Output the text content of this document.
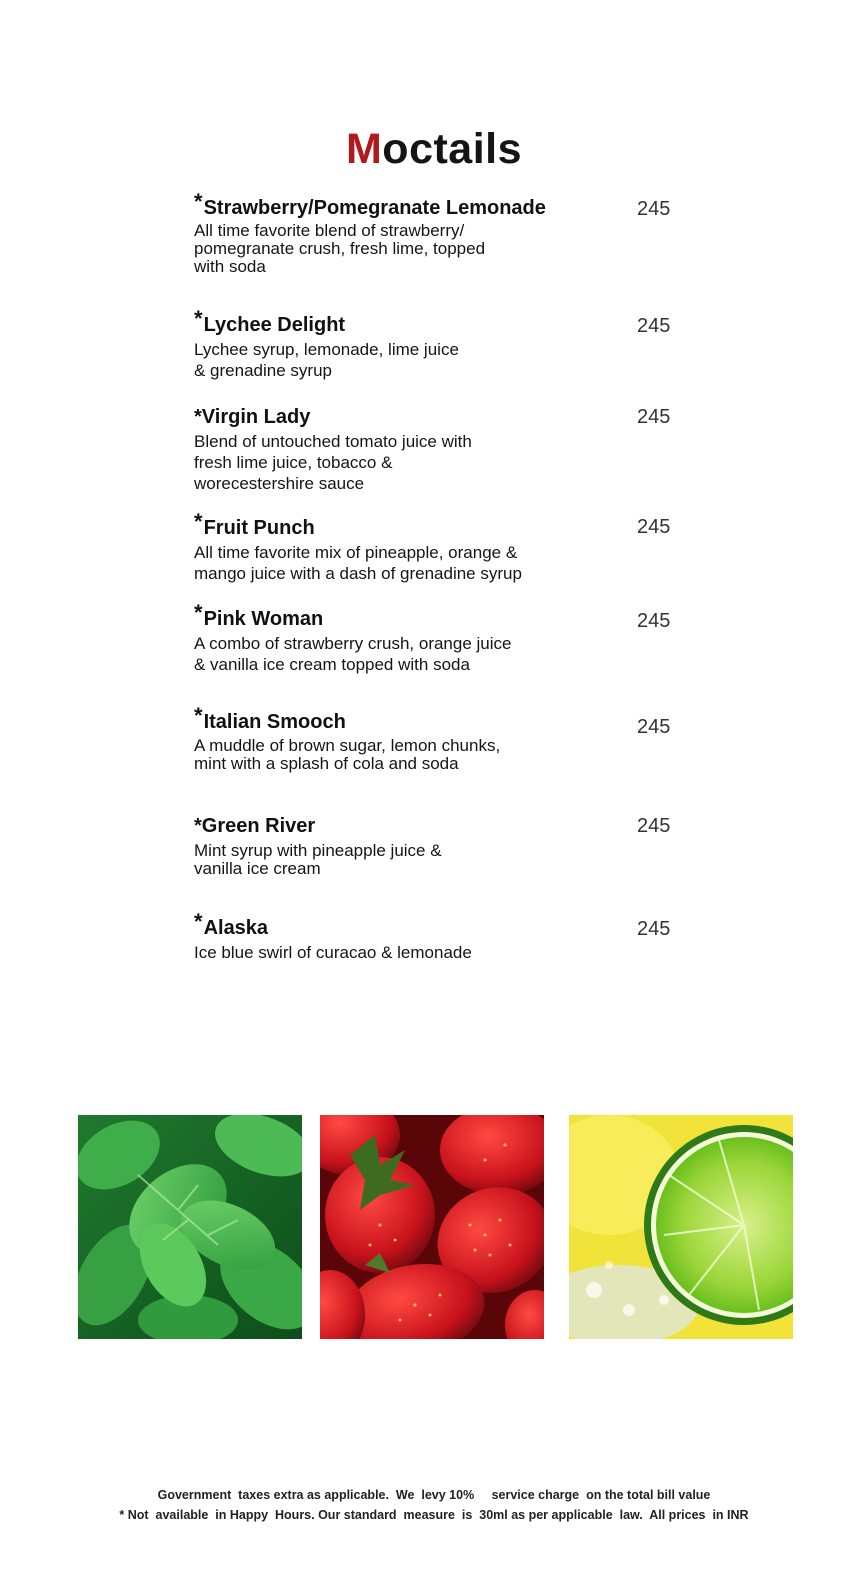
Moctails
*Strawberry/Pomegranate Lemonade	245
All time favorite blend of strawberry/
pomegranate crush, fresh lime, topped
with soda
*Lychee Delight	245
Lychee syrup, lemonade, lime juice
& grenadine syrup
*Virgin Lady	245
Blend of untouched tomato juice with
fresh lime juice, tobacco &
worecestershire sauce
*Fruit Punch	245
All time favorite mix of pineapple, orange &
mango juice with a dash of grenadine syrup
*Pink Woman	245
A combo of strawberry crush, orange juice
& vanilla ice cream topped with soda
*Italian Smooch	245
A muddle of brown sugar, lemon chunks,
mint with a splash of cola and soda
*Green River	245
Mint syrup with pineapple juice &
vanilla ice cream
*Alaska	245
Ice blue swirl of curacao & lemonade
Government  taxes extra as applicable.  We  levy 10%     service charge  on the total bill value
* Not  available  in Happy  Hours. Our standard  measure  is  30ml as per applicable  law.  All prices  in INR
